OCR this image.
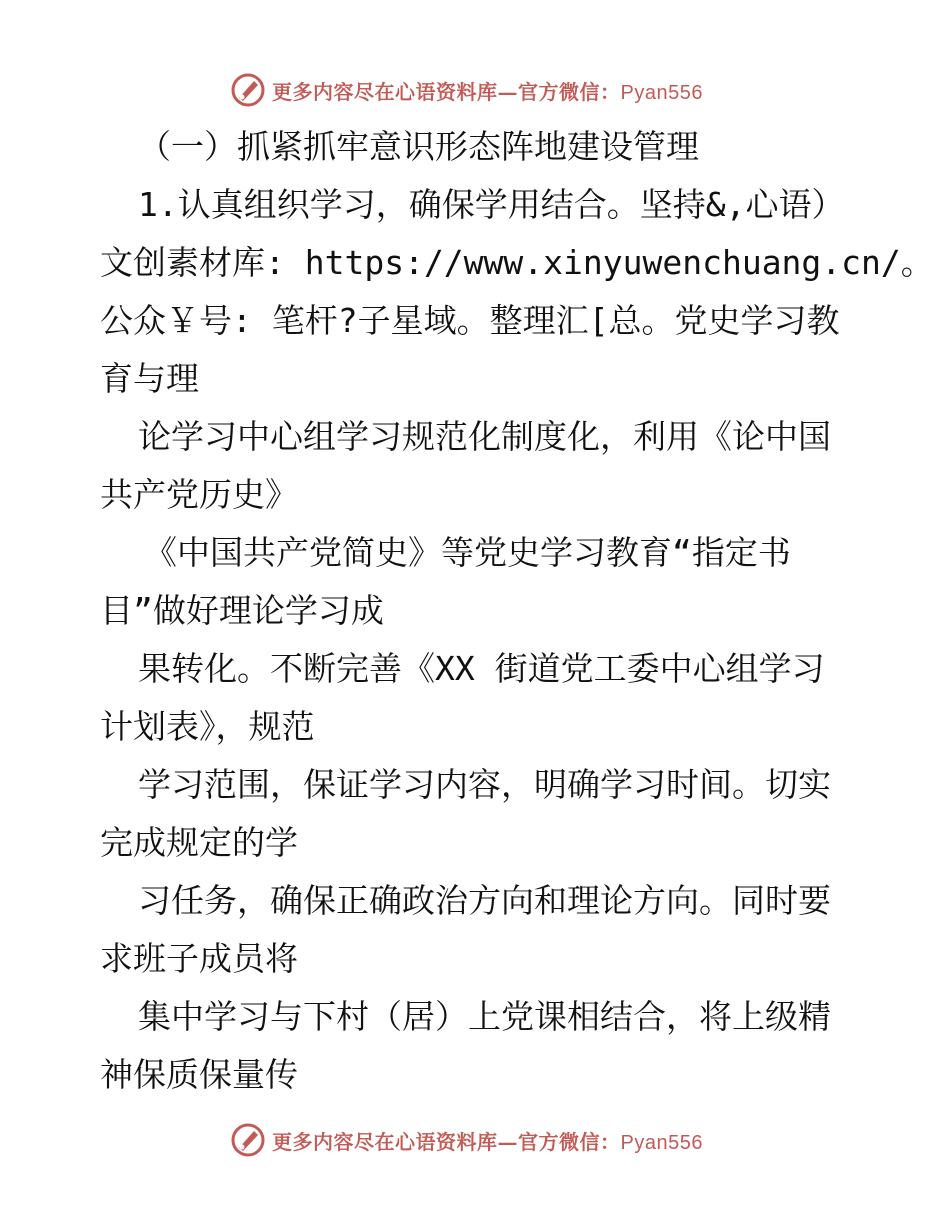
更多内容尽在心语资料库—官方微信：Pyan556
（一）抓紧抓牢意识形态阵地建设管理
1.认真组织学习，确保学用结合。坚持&,心语）
文创素材库: https://www.xinyuwenchuang.cn/。
公众￥号: 笔杆?子星域。整理汇[总。党史学习教
育与理
论学习中心组学习规范化制度化，利用《论中国
共产党历史》
《中国共产党简史》等党史学习教育“指定书
目”做好理论学习成
果转化。不断完善《XX 街道党工委中心组学习
计划表》，规范
学习范围，保证学习内容，明确学习时间。切实
完成规定的学
习任务，确保正确政治方向和理论方向。同时要
求班子成员将
集中学习与下村（居）上党课相结合，将上级精
神保质保量传
更多内容尽在心语资料库—官方微信：Pyan556
